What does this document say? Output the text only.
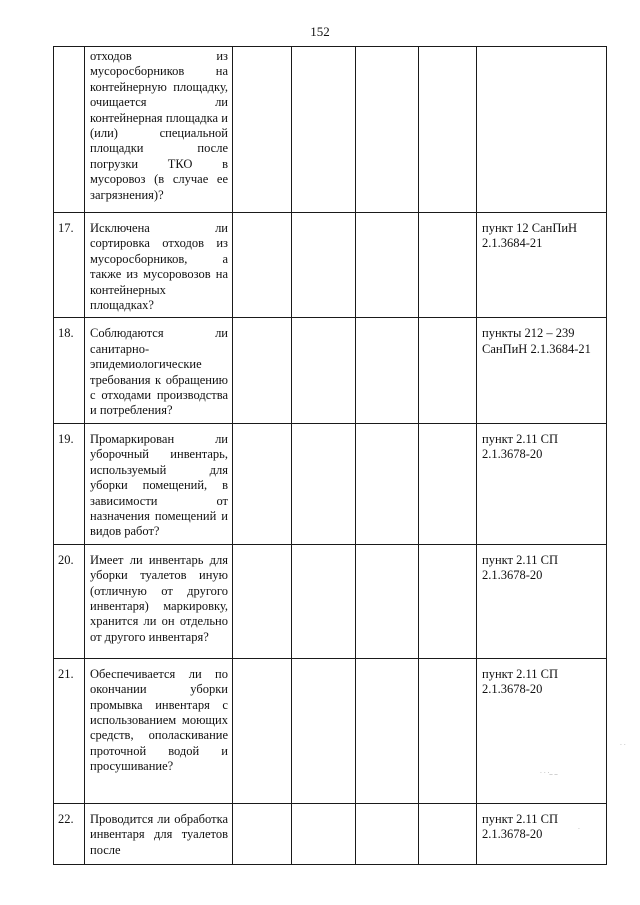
152
	отходов из мусоросборников на контейнерную площадку, очищается ли контейнерная площадка и (или) специальной площадки после погрузки ТКО в мусоровоз (в случае ее загрязнения)?					
17.	Исключена ли сортировка отходов из мусоросборников, а также из мусоровозов на контейнерных площадках?					пункт 12 СанПиН 2.1.3684-21
18.	Соблюдаются ли санитарно-эпидемиологические требования к обращению с отходами производства и потребления?					пункты 212 – 239 СанПиН 2.1.3684-21
19.	Промаркирован ли уборочный инвентарь, используемый для уборки помещений, в зависимости от назначения помещений и видов работ?					пункт 2.11 СП 2.1.3678-20
20.	Имеет ли инвентарь для уборки туалетов иную (отличную от другого инвентаря) маркировку, хранится ли он отдельно от другого инвентаря?					пункт 2.11 СП 2.1.3678-20
21.	Обеспечивается ли по окончании уборки промывка инвентаря с использованием моющих средств, ополаскивание проточной водой и просушивание?					пункт 2.11 СП 2.1.3678-20
22.	Проводится ли обработка инвентаря для туалетов после					пункт 2.11 СП 2.1.3678-20
· ·
. . ._ _
·
